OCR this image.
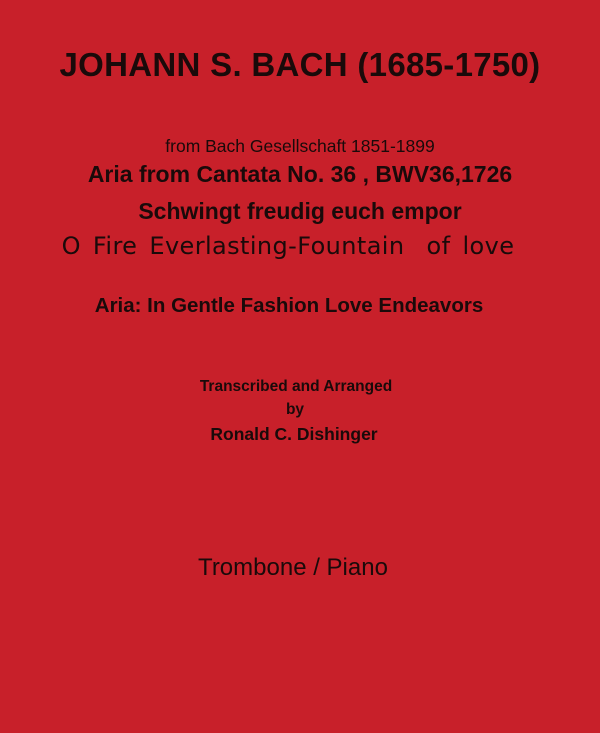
JOHANN S. BACH (1685-1750)
from Bach Gesellschaft 1851-1899
Aria from Cantata No. 36 , BWV36,1726
Schwingt freudig euch empor
O Fire Everlasting-Fountain of love
Aria: In Gentle Fashion Love Endeavors
Transcribed and Arranged
by
Ronald C. Dishinger
Trombone / Piano
